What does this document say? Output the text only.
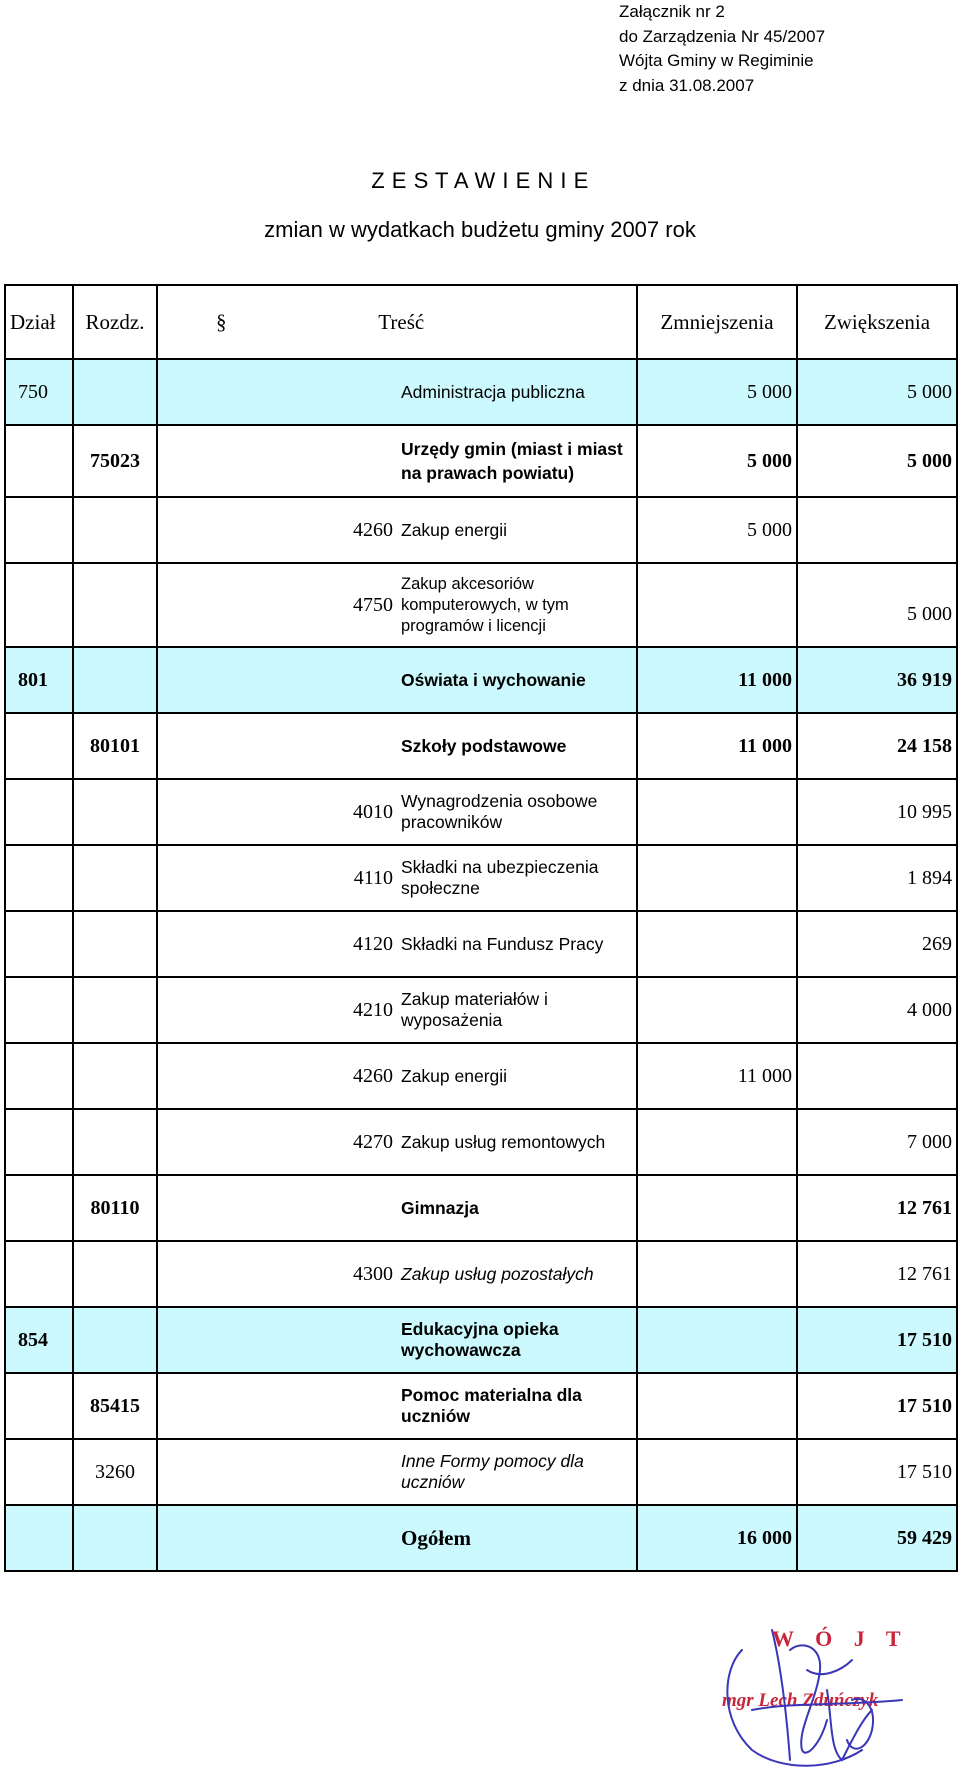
Załącznik nr 2
do Zarządzenia Nr 45/2007
Wójta Gminy w Regiminie
z dnia 31.08.2007
Z E S T A W I E N I E
zmian w wydatkach budżetu gminy 2007 rok
Dział	Rozdz.	§ Treść		Zmniejszenia	Zwiększenia
750			Administracja publiczna	5 000	5 000
	75023		Urzędy gmin (miast i miast na prawach powiatu)	5 000	5 000
		4260	Zakup energii	5 000	
		4750	Zakup akcesoriów komputerowych, w tym programów i licencji		5 000
801			Oświata i wychowanie	11 000	36 919
	80101		Szkoły podstawowe	11 000	24 158
		4010	Wynagrodzenia osobowe pracowników		10 995
		4110	Składki na ubezpieczenia społeczne		1 894
		4120	Składki na Fundusz Pracy		269
		4210	Zakup materiałów i wyposażenia		4 000
		4260	Zakup energii	11 000	
		4270	Zakup usług remontowych		7 000
	80110		Gimnazja		12 761
		4300	Zakup usług pozostałych		12 761
854			Edukacyjna opieka wychowawcza		17 510
	85415		Pomoc materialna dla uczniów		17 510
	3260		Inne Formy pomocy dla uczniów		17 510
			Ogółem	16 000	59 429
W Ó J T
mgr Lech Zduńczyk
